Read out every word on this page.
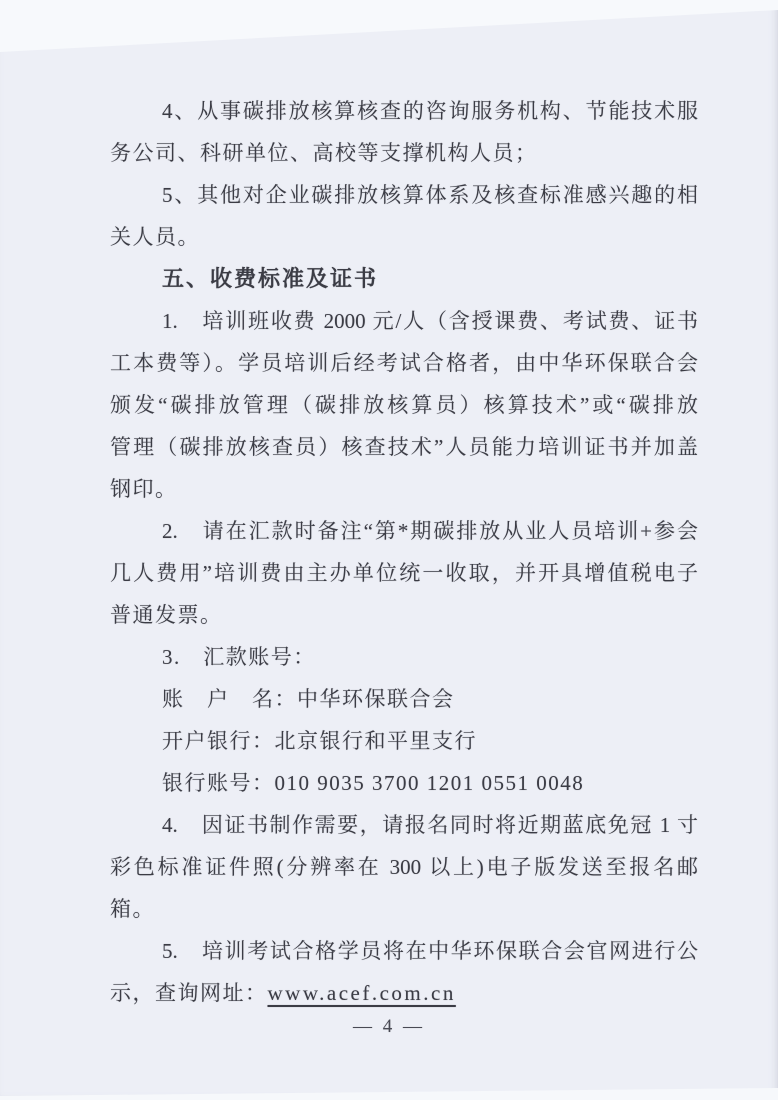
4、从事碳排放核算核查的咨询服务机构、节能技术服
务公司、科研单位、高校等支撑机构人员；
5、其他对企业碳排放核算体系及核查标准感兴趣的相
关人员。
五、收费标准及证书
1.　培训班收费 2000 元/人（含授课费、考试费、证书
工本费等）。学员培训后经考试合格者，由中华环保联合会
颁发“碳排放管理（碳排放核算员）核算技术”或“碳排放
管理（碳排放核查员）核查技术”人员能力培训证书并加盖
钢印。
2.　请在汇款时备注“第*期碳排放从业人员培训+参会
几人费用”培训费由主办单位统一收取，并开具增值税电子
普通发票。
3.　汇款账号：
账　户　名：中华环保联合会
开户银行：北京银行和平里支行
银行账号：010 9035 3700 1201 0551 0048
4.　因证书制作需要，请报名同时将近期蓝底免冠 1 寸
彩色标准证件照(分辨率在 300 以上)电子版发送至报名邮
箱。
5.　培训考试合格学员将在中华环保联合会官网进行公
示，查询网址：www.acef.com.cn
— 4 —
